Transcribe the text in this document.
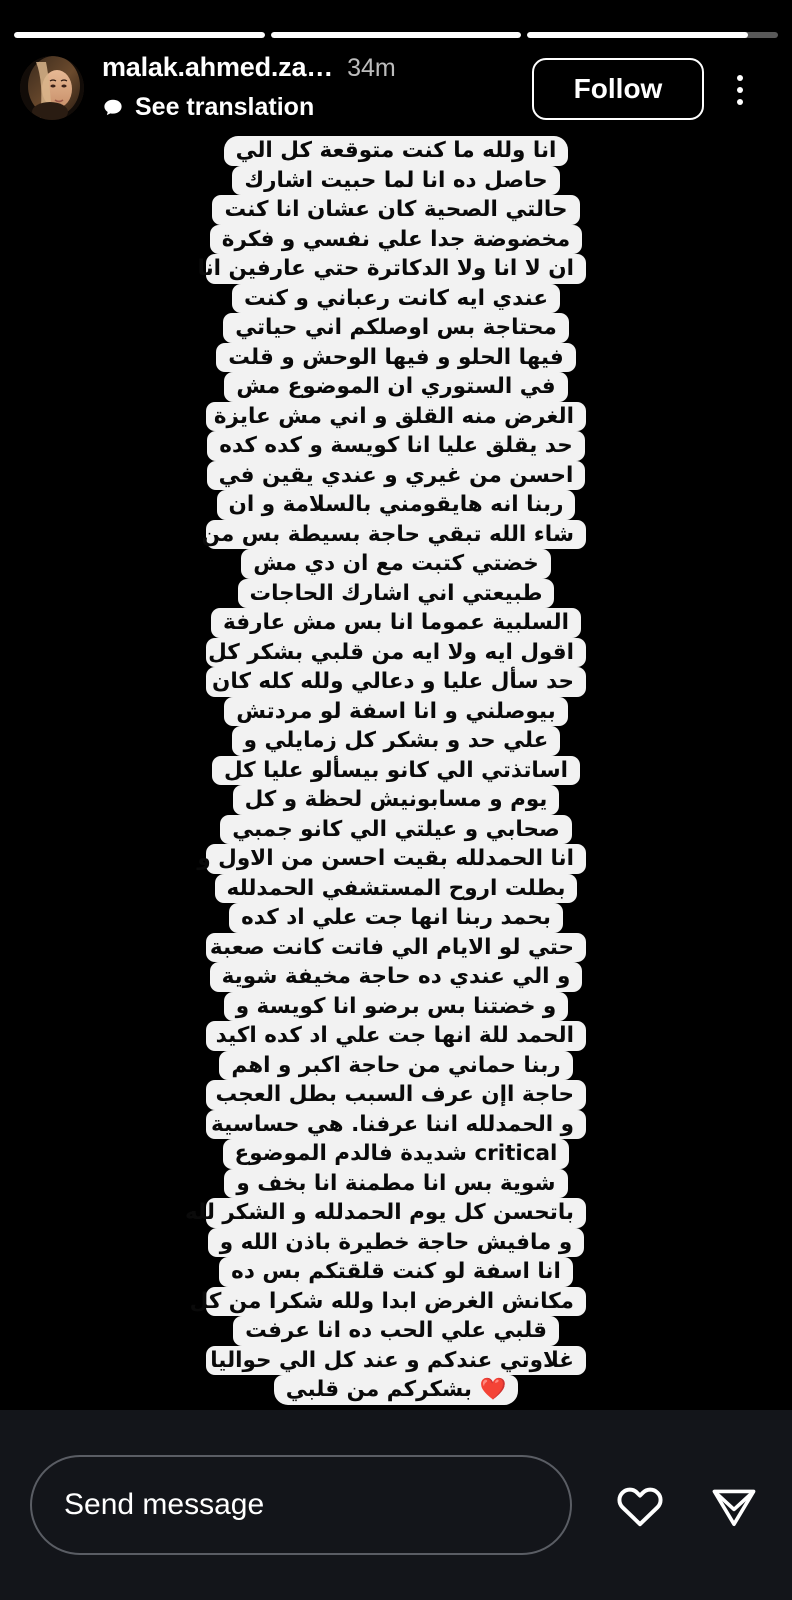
malak.ahmed.za… 34m
See translation
Follow
انا ولله ما كنت متوقعة كل الي
حاصل ده انا لما حبيت اشارك
حالتي الصحية كان عشان انا كنت
مخضوضة جدا علي نفسي و فكرة
ان لا انا ولا الدكاترة حتي عارفين انا
عندي ايه كانت رعباني و كنت
محتاجة بس اوصلكم اني حياتي
فيها الحلو و فيها الوحش و قلت
في الستوري ان الموضوع مش
الغرض منه القلق و اني مش عايزة
حد يقلق عليا انا كويسة و كده كده
احسن من غيري و عندي يقين في
ربنا انه هايقومني بالسلامة و ان
شاء الله تبقي حاجة بسيطة بس من
خضتي كتبت مع ان دي مش
طبيعتي اني اشارك الحاجات
السلبية عموما انا بس مش عارفة
اقول ايه ولا ايه من قلبي بشكر كل
حد سأل عليا و دعالي ولله كله كان
بيوصلني و انا اسفة لو مردتش
علي حد و بشكر كل زمايلي و
اساتذتي الي كانو بيسألو عليا كل
يوم و مسابونيش لحظة و كل
صحابي و عيلتي الي كانو جمبي
انا الحمدلله بقيت احسن من الاول و
بطلت اروح المستشفي الحمدلله
بحمد ربنا انها جت علي اد كده
حتي لو الايام الي فاتت كانت صعبة
و الي عندي ده حاجة مخيفة شوية
و خضتنا بس برضو انا كويسة و
الحمد للة انها جت علي اد كده اكيد
ربنا حماني من حاجة اكبر و اهم
حاجة اإن عرف السبب بطل العجب
و الحمدلله اننا عرفنا. هي حساسية
critical شديدة فالدم الموضوع
شوية بس انا مطمنة انا بخف و
باتحسن كل يوم الحمدلله و الشكر لله
و مافيش حاجة خطيرة باذن الله و
انا اسفة لو كنت قلقتكم بس ده
مكانش الغرض ابدا ولله شكرا من كل
قلبي علي الحب ده انا عرفت
غلاوتي عندكم و عند كل الي حواليا
❤️ بشكركم من قلبي
Send message
